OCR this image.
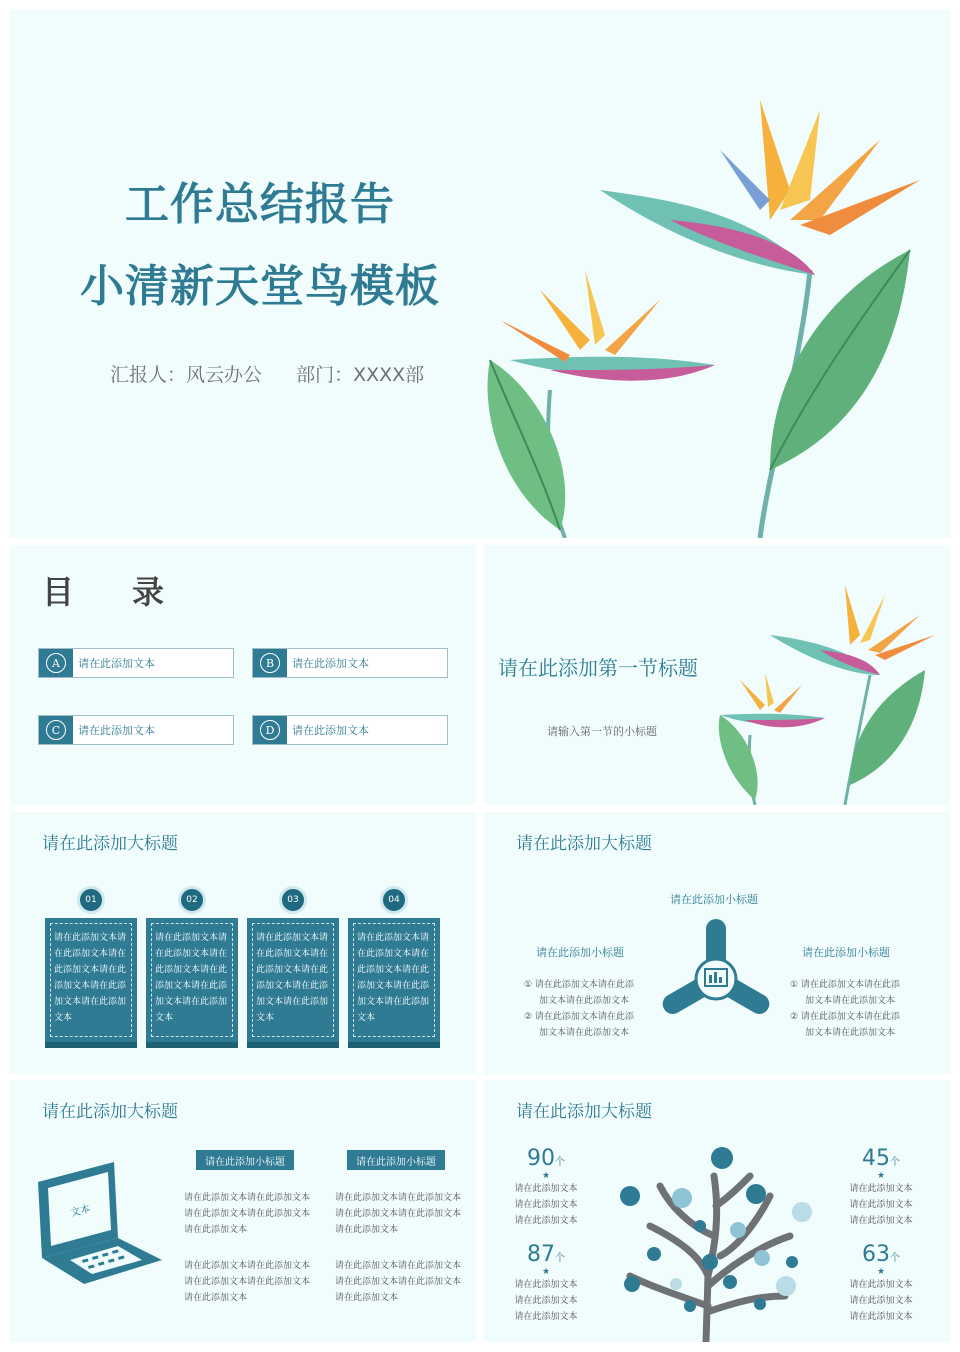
工作总结报告
小清新天堂鸟模板
汇报人：风云办公 部门：XXXX部
目录
A	请在此添加文本	B	请在此添加文本
C	请在此添加文本	D	请在此添加文本
请在此添加第一节标题
请输入第一节的小标题
请在此添加大标题
01	02	03	04
请在此添加文本请在此添加文本请在此添加文本请在此添加文本请在此添加文本请在此添加文本
请在此添加文本请在此添加文本请在此添加文本请在此添加文本请在此添加文本请在此添加文本
请在此添加文本请在此添加文本请在此添加文本请在此添加文本请在此添加文本请在此添加文本
请在此添加文本请在此添加文本请在此添加文本请在此添加文本请在此添加文本请在此添加文本
请在此添加大标题
请在此添加小标题
请在此添加小标题	请在此添加小标题
① 请在此添加文本请在此添
加文本请在此添加文本
② 请在此添加文本请在此添
加文本请在此添加文本
① 请在此添加文本请在此添
加文本请在此添加文本
② 请在此添加文本请在此添
加文本请在此添加文本
请在此添加大标题
请在此添加小标题	请在此添加小标题
请在此添加文本请在此添加文本请在此添加文本请在此添加文本请在此添加文本
请在此添加文本请在此添加文本请在此添加文本请在此添加文本请在此添加文本
请在此添加文本请在此添加文本请在此添加文本请在此添加文本请在此添加文本
请在此添加文本请在此添加文本请在此添加文本请在此添加文本请在此添加文本
文本
请在此添加大标题
90个
★
请在此添加文本
请在此添加文本
请在此添加文本
87个
★
请在此添加文本
请在此添加文本
请在此添加文本
45个
★
请在此添加文本
请在此添加文本
请在此添加文本
63个
★
请在此添加文本
请在此添加文本
请在此添加文本
